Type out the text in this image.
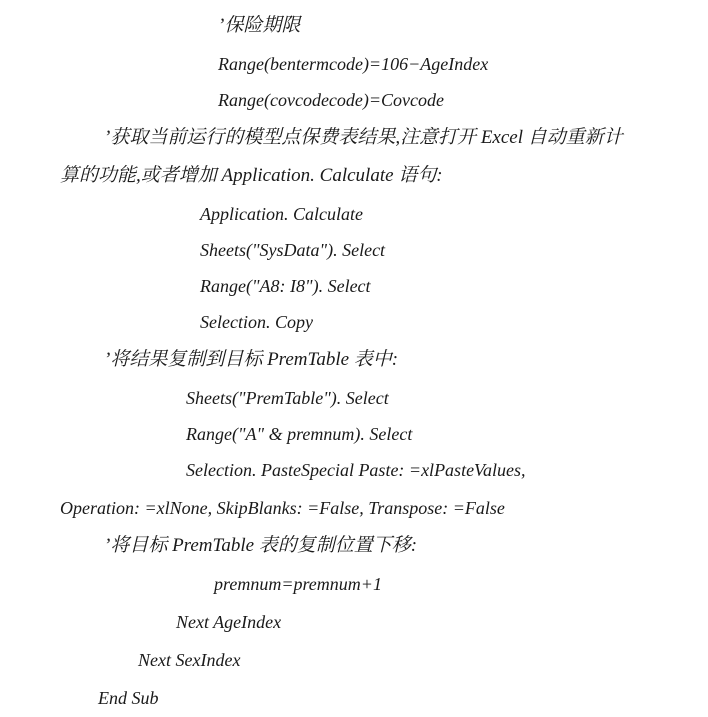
’保险期限
Range(bentermcode)=106−AgeIndex
Range(covcodecode)=Covcode
’获取当前运行的模型点保费表结果,注意打开 Excel 自动重新计
算的功能,或者增加 Application. Calculate 语句:
Application. Calculate
Sheets("SysData"). Select
Range("A8: I8"). Select
Selection. Copy
’将结果复制到目标 PremTable 表中:
Sheets("PremTable"). Select
Range("A" & premnum). Select
Selection. PasteSpecial Paste: =xlPasteValues,
Operation: =xlNone, SkipBlanks: =False, Transpose: =False
’将目标 PremTable 表的复制位置下移:
premnum=premnum+1
Next AgeIndex
Next SexIndex
End Sub
